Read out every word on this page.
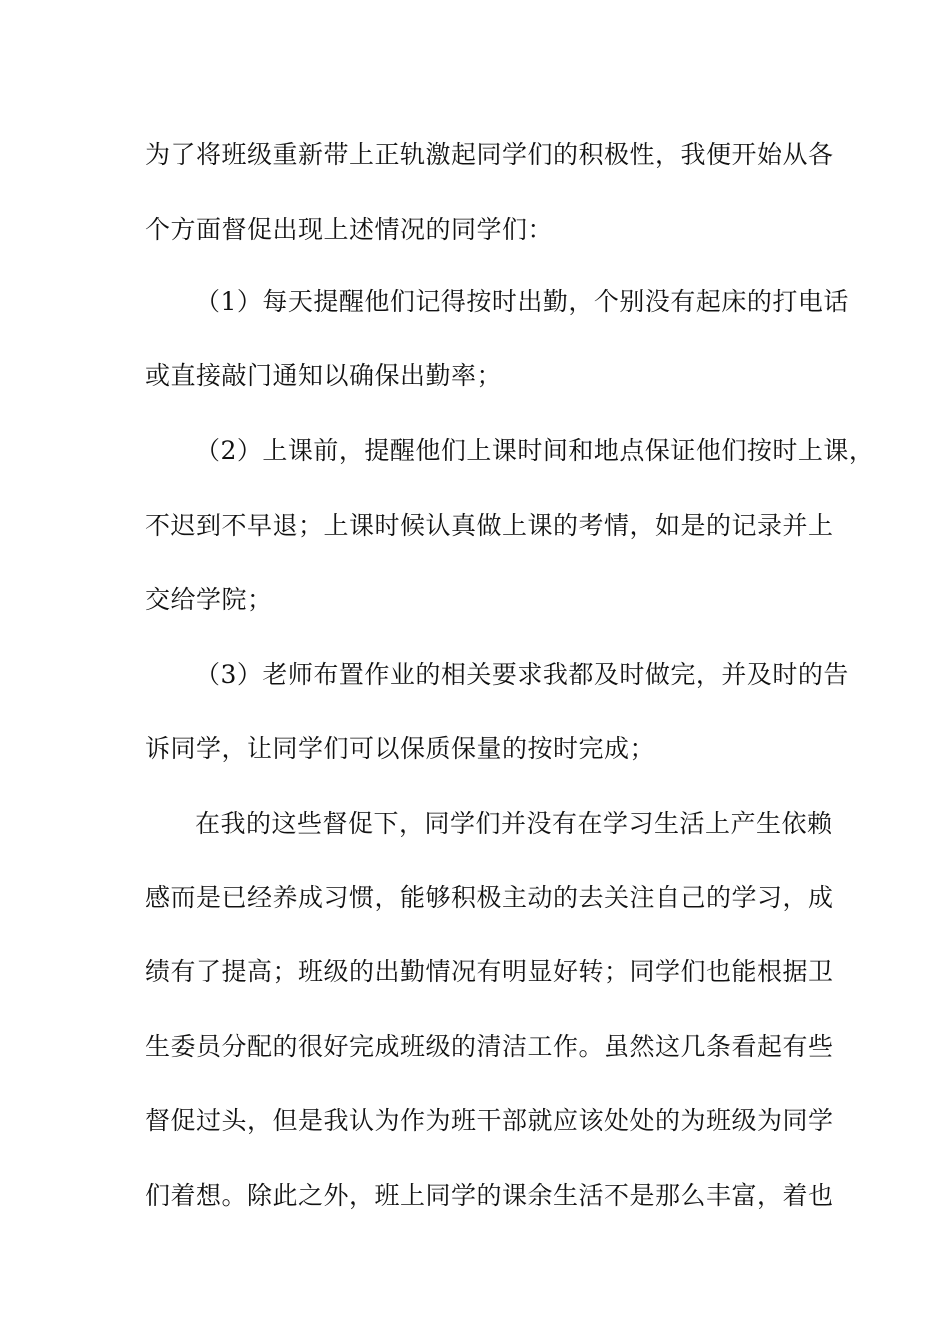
为了将班级重新带上正轨激起同学们的积极性，我便开始从各
个方面督促出现上述情况的同学们：
（1）每天提醒他们记得按时出勤，个别没有起床的打电话
或直接敲门通知以确保出勤率；
（2）上课前，提醒他们上课时间和地点保证他们按时上课，
不迟到不早退；上课时候认真做上课的考情，如是的记录并上
交给学院；
（3）老师布置作业的相关要求我都及时做完，并及时的告
诉同学，让同学们可以保质保量的按时完成；
在我的这些督促下，同学们并没有在学习生活上产生依赖
感而是已经养成习惯，能够积极主动的去关注自己的学习，成
绩有了提高；班级的出勤情况有明显好转；同学们也能根据卫
生委员分配的很好完成班级的清洁工作。虽然这几条看起有些
督促过头，但是我认为作为班干部就应该处处的为班级为同学
们着想。除此之外，班上同学的课余生活不是那么丰富，着也
